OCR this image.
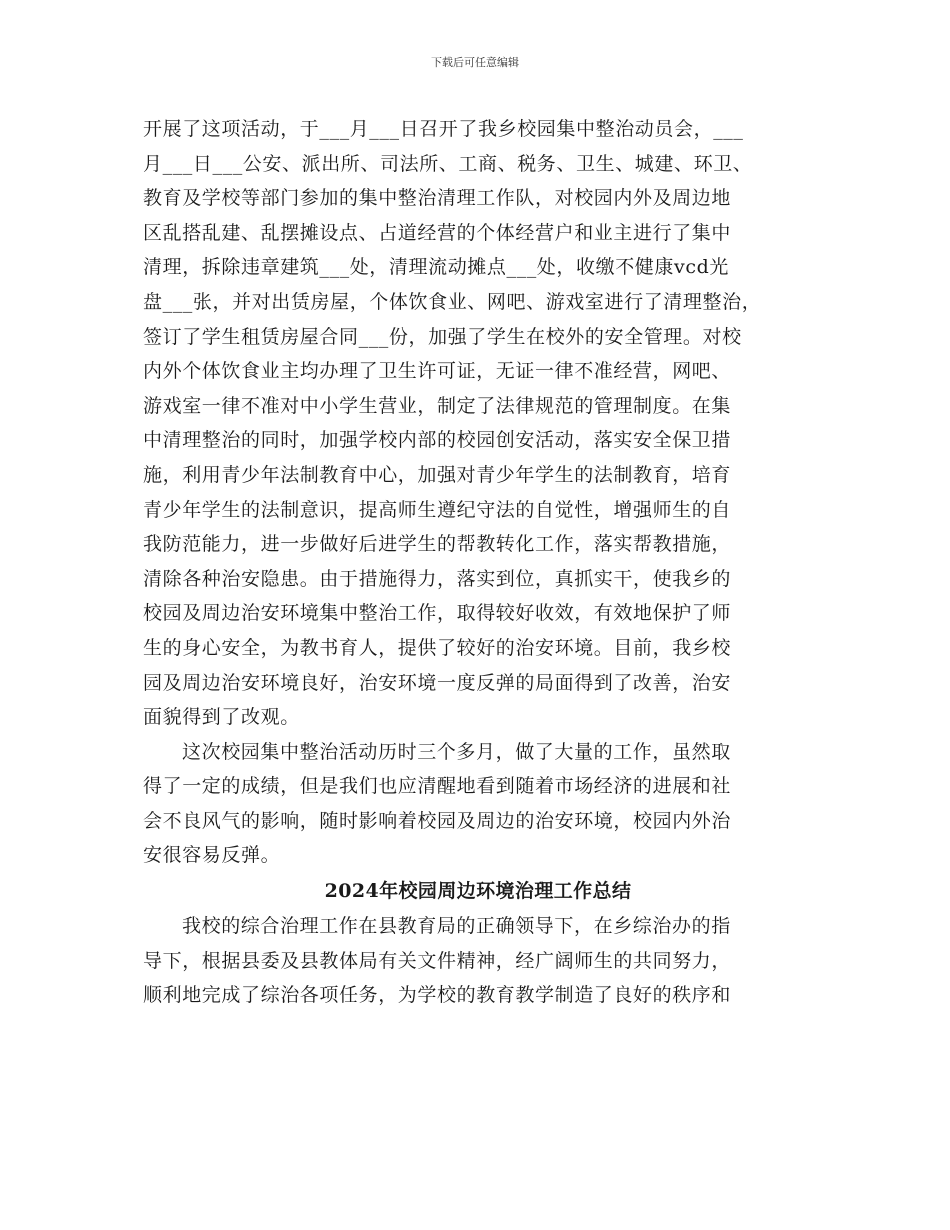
下载后可任意编辑
开展了这项活动，于___月___日召开了我乡校园集中整治动员会，___
月___日___公安、派出所、司法所、工商、税务、卫生、城建、环卫、
教育及学校等部门参加的集中整治清理工作队，对校园内外及周边地
区乱搭乱建、乱摆摊设点、占道经营的个体经营户和业主进行了集中
清理，拆除违章建筑___处，清理流动摊点___处，收缴不健康vcd光
盘___张，并对出赁房屋，个体饮食业、网吧、游戏室进行了清理整治，
签订了学生租赁房屋合同___份，加强了学生在校外的安全管理。对校
内外个体饮食业主均办理了卫生许可证，无证一律不准经营，网吧、
游戏室一律不准对中小学生营业，制定了法律规范的管理制度。在集
中清理整治的同时，加强学校内部的校园创安活动，落实安全保卫措
施，利用青少年法制教育中心，加强对青少年学生的法制教育，培育
青少年学生的法制意识，提高师生遵纪守法的自觉性，增强师生的自
我防范能力，进一步做好后进学生的帮教转化工作，落实帮教措施，
清除各种治安隐患。由于措施得力，落实到位，真抓实干，使我乡的
校园及周边治安环境集中整治工作，取得较好收效，有效地保护了师
生的身心安全，为教书育人，提供了较好的治安环境。目前，我乡校
园及周边治安环境良好，治安环境一度反弹的局面得到了改善，治安
面貌得到了改观。
这次校园集中整治活动历时三个多月，做了大量的工作，虽然取
得了一定的成绩，但是我们也应清醒地看到随着市场经济的进展和社
会不良风气的影响，随时影响着校园及周边的治安环境，校园内外治
安很容易反弹。
2024年校园周边环境治理工作总结
我校的综合治理工作在县教育局的正确领导下，在乡综治办的指
导下，根据县委及县教体局有关文件精神，经广阔师生的共同努力，
顺利地完成了综治各项任务，为学校的教育教学制造了良好的秩序和
